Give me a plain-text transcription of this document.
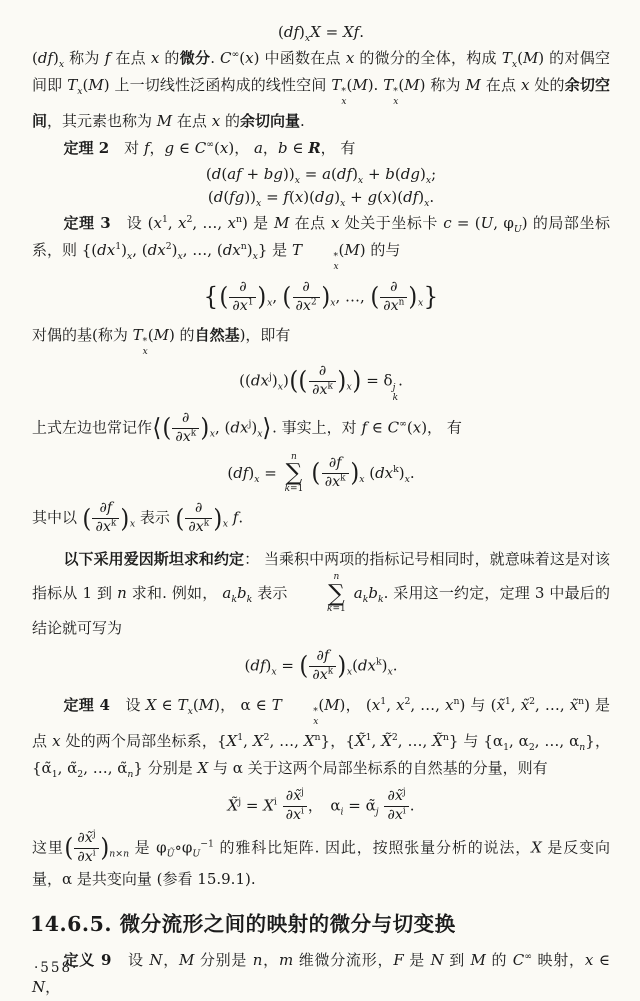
$(df)_xX = Xf$.

$(df)_x$ 称为 f 在点 x 的微分. C∞(x) 中函数在点 x 的微分的全体，构成 $T_x(M)$ 的对偶空间即 $T_x(M)$ 上一切线性泛函构成的线性空间 T *
x
(M). T *
x
(M) 称为 M 在点 x 处的余切空间，其元素也称为 M 在点 x 的余切向量.

定理 2　对 f，g ∈ C∞(x)， a，b ∈ R， 有

$(d(af + bg))_x = a(df)_x + b(dg)_x$;
$(d(fg))_x = f(x)(dg)_x + g(x)(df)_x$.

定理 3　设 ($x^1$, $x^2$, …, $x^n$) 是 M 在点 x 处关于坐标卡 c = (U, $\varphi_U$) 的局部坐标系，则 {$(dx^1)_x$, $(dx^2)_x$, …, $(dx^n)_x$} 是 T	*
x
(M) 的与

{( ∂
$\partial x^1$ )$_x$, ( ∂
$\partial x^2$ )$_x$, …, ( ∂
$\partial x^n$ )$_x$}

对偶的基(称为 T *
x
(M) 的自然基)，即有

$((dx^j)_x)$(( ∂
$\partial x^k$ )$_x) = \delta$ j
k
.

上式左边也常记作⟨( ∂
$\partial x^k$ )$_x$, $(dx^j)_x⟩$. 事实上，对 f ∈ C∞(x)， 有

$(df)_x$ =
n
∑
k=1
( $\frac{\partial f}{\partial x^k} )_x$ $(dx^k)_x$.

其中以 ( $\frac{\partial f}{\partial x^k} )_x$ 表示 ( ∂
$\partial x^k$ )$_x$ f.

以下采用爱因斯坦求和约定： 当乘积中两项的指标记号相同时，就意味着这是对该指标从 1 到 n 求和. 例如， $a_kb_k$ 表示
n
∑
k=1
$a_kb_k$. 采用这一约定，定理 3 中最后的结论就可写为

$(df)_x$ = ( $\frac{\partial f}{\partial x^k} )_x(dx^k)_x$.

定理 4　设 X ∈ $T_x(M)$， α ∈ T	*
x
(M)， ($x^1$, $x^2$, …, $x^n$) 与 (x̃$^1$, x̃$^2$, …, x̃$^n$) 是点 x 处的两个局部坐标系，{$X^1$, $X^2$, …, $X^n$}，{X̃$^1$, X̃$^2$, …, X̃$^n$} 与 {$\alpha_1$, $\alpha_2$, …, $\alpha_n$}，{$\alphã_1$, $\alphã_2$, …, $\alphã_n$} 分别是 X 与 α 关于这两个局部坐标系的自然基的分量，则有

X̃$^j$ = $X^i \frac{\partial x̃^j}{\partial x^i}$ ，　$\alpha_i$ = $\alphã_j \frac{\partial x̃^j}{\partial x^i}$ .

这里( $\frac{\partial x̃^j}{\partial x^i} )_{n\times n}$ 是 $\varphi_Ũ\circ\varphi_U^{-1}$ 的雅科比矩阵. 因此，按照张量分析的说法，X 是反变向量，α 是共变向量 (参看 15.9.1).

14.6.5. 微分流形之间的映射的微分与切变换

定义 9　设 N，M 分别是 n，m 维微分流形，F 是 N 到 M 的 C∞ 映射，x ∈ N，

·558·
